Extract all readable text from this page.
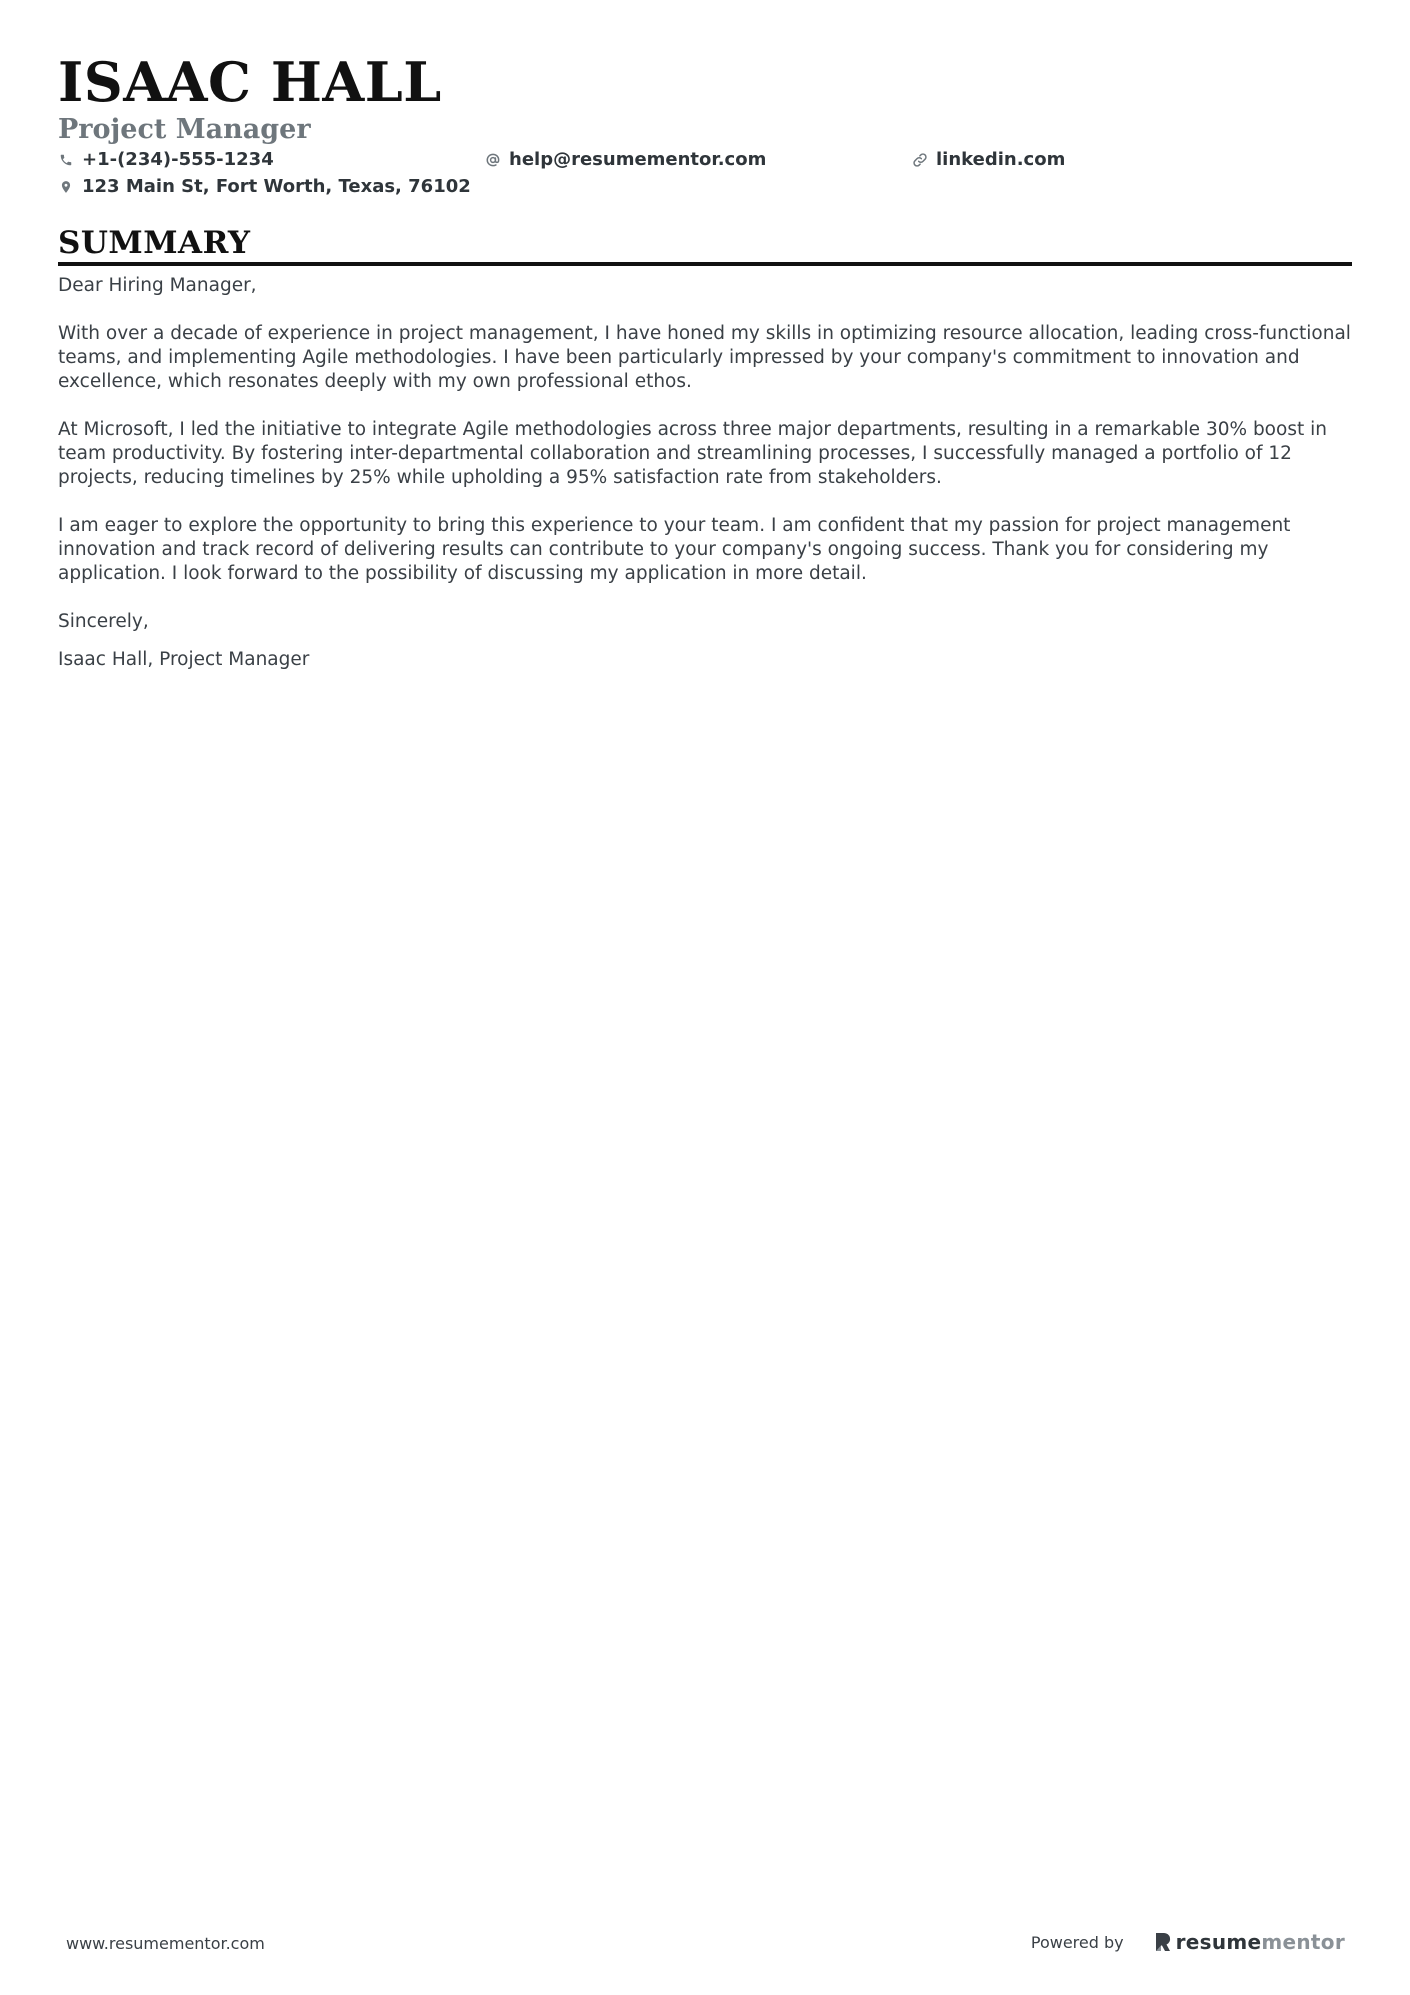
ISAAC HALL
Project Manager
+1-(234)-555-1234	help@resumementor.com	linkedin.com
123 Main St, Fort Worth, Texas, 76102
SUMMARY

Dear Hiring Manager,

With over a decade of experience in project management, I have honed my skills in optimizing resource allocation, leading cross-functional teams, and implementing Agile methodologies. I have been particularly impressed by your company's commitment to innovation and excellence, which resonates deeply with my own professional ethos.

At Microsoft, I led the initiative to integrate Agile methodologies across three major departments, resulting in a remarkable 30% boost in team productivity. By fostering inter-departmental collaboration and streamlining processes, I successfully managed a portfolio of 12 projects, reducing timelines by 25% while upholding a 95% satisfaction rate from stakeholders.

I am eager to explore the opportunity to bring this experience to your team. I am confident that my passion for project management innovation and track record of delivering results can contribute to your company's ongoing success. Thank you for considering my application. I look forward to the possibility of discussing my application in more detail.

Sincerely,

Isaac Hall, Project Manager

www.resumementor.com	Powered by	resume mentor
